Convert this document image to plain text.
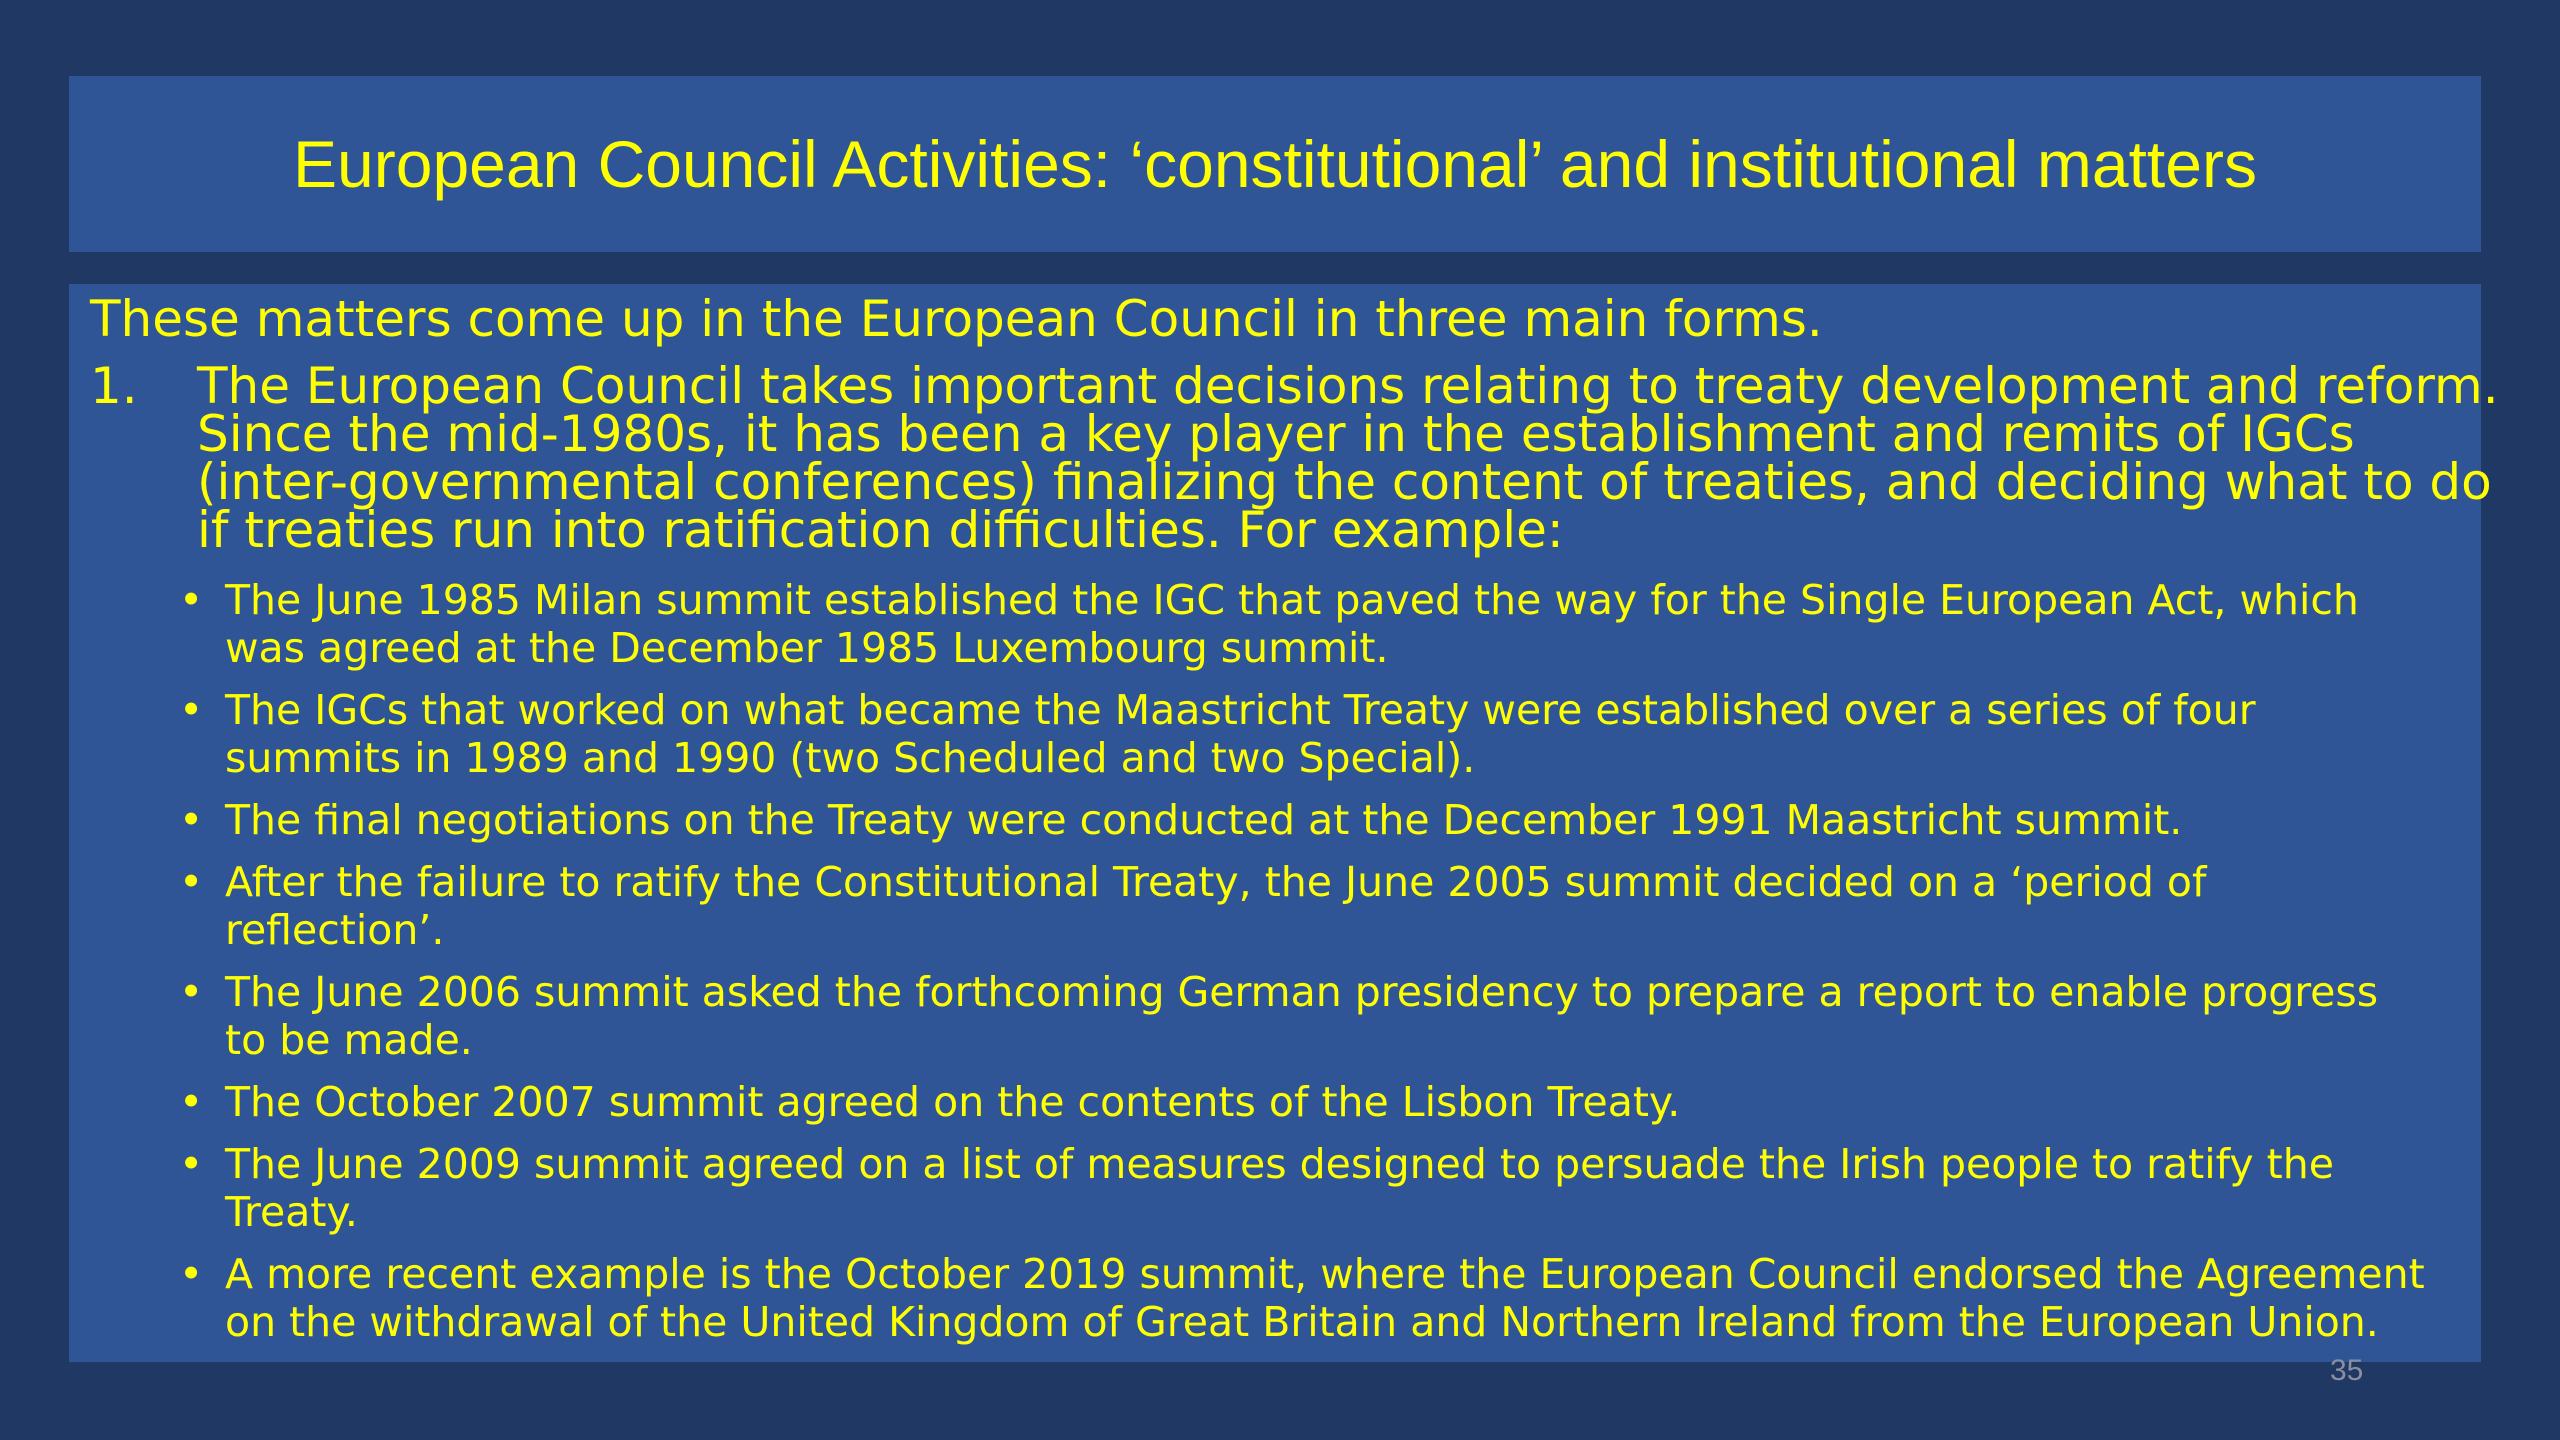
European Council Activities: ‘constitutional’ and institutional matters
These matters come up in the European Council in three main forms.
1. The European Council takes important decisions relating to treaty development and reform.
Since the mid-1980s, it has been a key player in the establishment and remits of IGCs
(inter-governmental conferences) finalizing the content of treaties, and deciding what to do
if treaties run into ratification difficulties. For example:
• The June 1985 Milan summit established the IGC that paved the way for the Single European Act, which
was agreed at the December 1985 Luxembourg summit.
• The IGCs that worked on what became the Maastricht Treaty were established over a series of four
summits in 1989 and 1990 (two Scheduled and two Special).
• The final negotiations on the Treaty were conducted at the December 1991 Maastricht summit.
• After the failure to ratify the Constitutional Treaty, the June 2005 summit decided on a ‘period of
reflection’.
• The June 2006 summit asked the forthcoming German presidency to prepare a report to enable progress
to be made.
• The October 2007 summit agreed on the contents of the Lisbon Treaty.
• The June 2009 summit agreed on a list of measures designed to persuade the Irish people to ratify the
Treaty.
• A more recent example is the October 2019 summit, where the European Council endorsed the Agreement
on the withdrawal of the United Kingdom of Great Britain and Northern Ireland from the European Union.
35
